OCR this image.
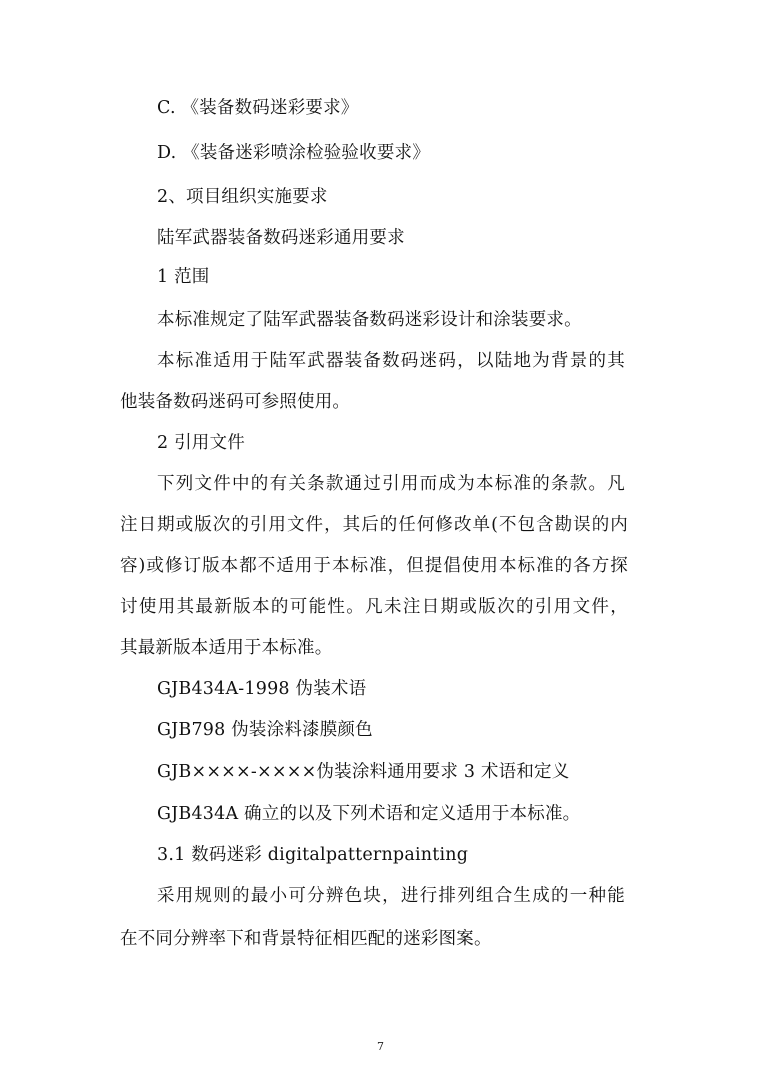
C. 《装备数码迷彩要求》
D. 《装备迷彩喷涂检验验收要求》
2、项目组织实施要求
陆军武器装备数码迷彩通用要求
1 范围
本标准规定了陆军武器装备数码迷彩设计和涂装要求。
本标准适用于陆军武器装备数码迷码，以陆地为背景的其
他装备数码迷码可参照使用。
2 引用文件
下列文件中的有关条款通过引用而成为本标准的条款。凡
注日期或版次的引用文件，其后的任何修改单(不包含勘误的内
容)或修订版本都不适用于本标准，但提倡使用本标准的各方探
讨使用其最新版本的可能性。凡未注日期或版次的引用文件，
其最新版本适用于本标准。
GJB434A-1998 伪装术语
GJB798 伪装涂料漆膜颜色
GJB××××-××××伪装涂料通用要求 3 术语和定义
GJB434A 确立的以及下列术语和定义适用于本标准。
3.1 数码迷彩 digitalpatternpainting
采用规则的最小可分辨色块，进行排列组合生成的一种能
在不同分辨率下和背景特征相匹配的迷彩图案。
7
